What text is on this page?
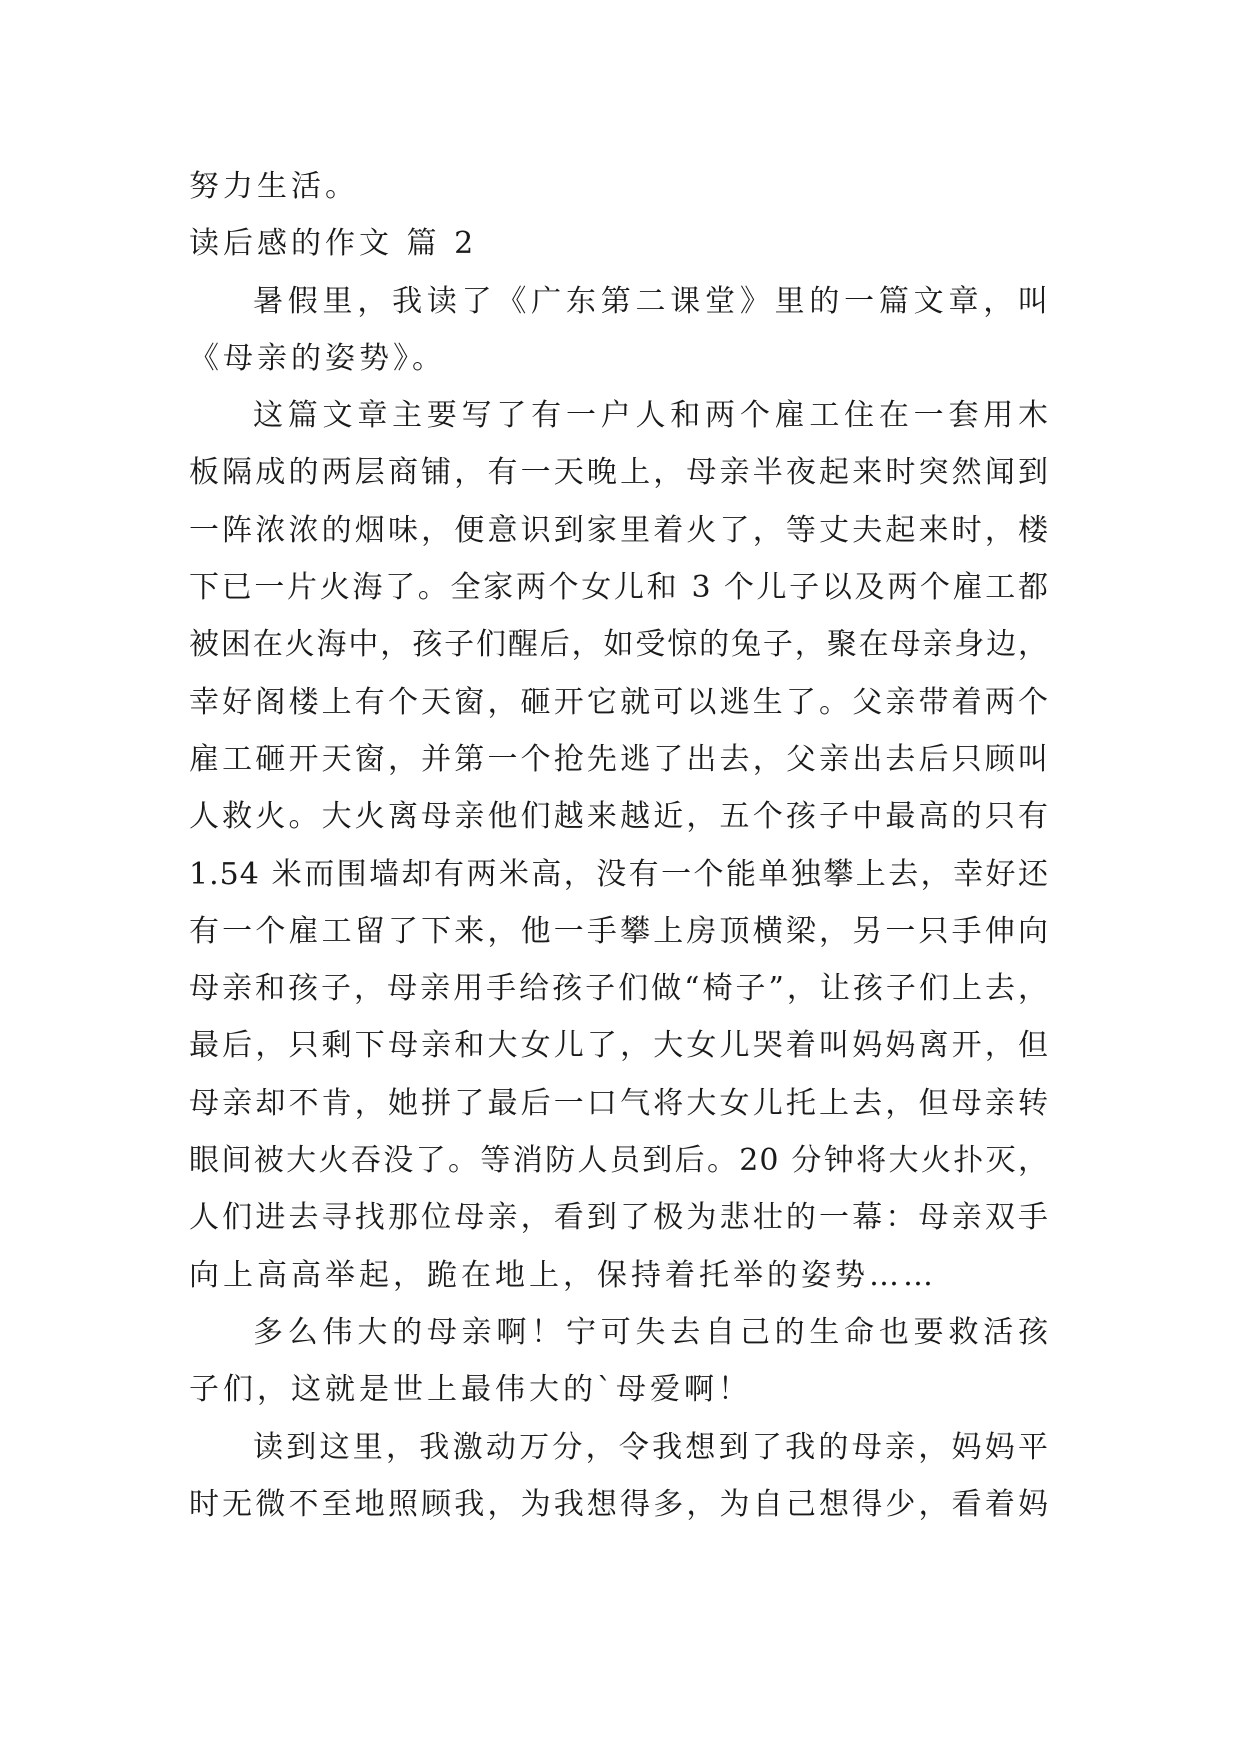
努力生活。
读后感的作文 篇 2
暑假里，我读了《广东第二课堂》里的一篇文章，叫
《母亲的姿势》。
这篇文章主要写了有一户人和两个雇工住在一套用木
板隔成的两层商铺，有一天晚上，母亲半夜起来时突然闻到
一阵浓浓的烟味，便意识到家里着火了，等丈夫起来时，楼
下已一片火海了。全家两个女儿和 3 个儿子以及两个雇工都
被困在火海中，孩子们醒后，如受惊的兔子，聚在母亲身边，
幸好阁楼上有个天窗，砸开它就可以逃生了。父亲带着两个
雇工砸开天窗，并第一个抢先逃了出去，父亲出去后只顾叫
人救火。大火离母亲他们越来越近，五个孩子中最高的只有
1.54 米而围墙却有两米高，没有一个能单独攀上去，幸好还
有一个雇工留了下来，他一手攀上房顶横梁，另一只手伸向
母亲和孩子，母亲用手给孩子们做“椅子”，让孩子们上去，
最后，只剩下母亲和大女儿了，大女儿哭着叫妈妈离开，但
母亲却不肯，她拼了最后一口气将大女儿托上去，但母亲转
眼间被大火吞没了。等消防人员到后。20 分钟将大火扑灭，
人们进去寻找那位母亲，看到了极为悲壮的一幕：母亲双手
向上高高举起，跪在地上，保持着托举的姿势……
多么伟大的母亲啊！宁可失去自己的生命也要救活孩
子们，这就是世上最伟大的`母爱啊！
读到这里，我激动万分，令我想到了我的母亲，妈妈平
时无微不至地照顾我，为我想得多，为自己想得少，看着妈
